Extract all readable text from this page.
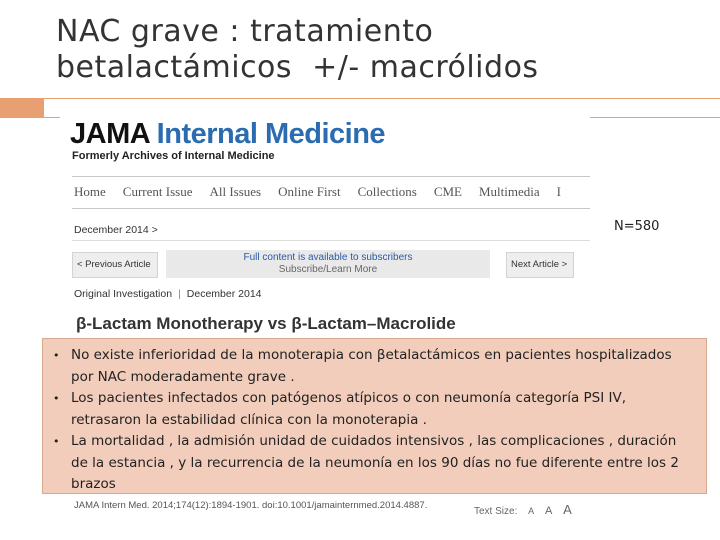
NAC grave : tratamiento
betalactámicos  +/- macrólidos
JAMA Internal Medicine
Formerly Archives of Internal Medicine
Home Current Issue All Issues Online First Collections CME Multimedia I
December 2014 >
< Previous Article
Full content is available to subscribers
Subscribe/Learn More	Next Article >
Original Investigation | December 2014
β-Lactam Monotherapy vs β-Lactam–Macrolide
JAMA Intern Med. 2014;174(12):1894-1901. doi:10.1001/jamainternmed.2014.4887.
Text Size: A A A
N=580
• No existe inferioridad de la monoterapia con βetalactámicos en pacientes hospitalizados por NAC moderadamente grave .
• Los pacientes infectados con patógenos atípicos o con neumonía categoría PSI IV, retrasaron la estabilidad clínica con la monoterapia .
• La mortalidad , la admisión unidad de cuidados intensivos , las complicaciones , duración de la estancia , y la recurrencia de la neumonía en los 90 días no fue diferente entre los 2 brazos
